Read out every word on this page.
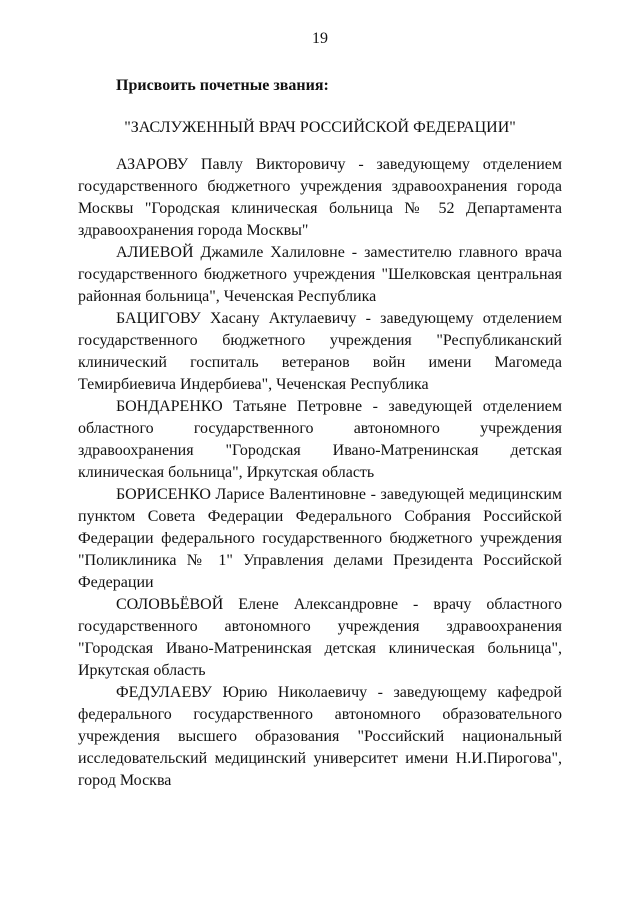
19
Присвоить почетные звания:
"ЗАСЛУЖЕННЫЙ ВРАЧ РОССИЙСКОЙ ФЕДЕРАЦИИ"
АЗАРОВУ Павлу Викторовичу - заведующему отделением
государственного бюджетного учреждения здравоохранения города
Москвы "Городская клиническая больница № 52 Департамента
здравоохранения города Москвы"
АЛИЕВОЙ Джамиле Халиловне - заместителю главного врача
государственного бюджетного учреждения "Шелковская центральная
районная больница", Чеченская Республика
БАЦИГОВУ Хасану Актулаевичу - заведующему отделением
государственного бюджетного учреждения "Республиканский
клинический госпиталь ветеранов войн имени Магомеда
Темирбиевича Индербиева", Чеченская Республика
БОНДАРЕНКО Татьяне Петровне - заведующей отделением
областного государственного автономного учреждения
здравоохранения "Городская Ивано-Матренинская детская
клиническая больница", Иркутская область
БОРИСЕНКО Ларисе Валентиновне - заведующей медицинским
пунктом Совета Федерации Федерального Собрания Российской
Федерации федерального государственного бюджетного учреждения
"Поликлиника № 1" Управления делами Президента Российской
Федерации
СОЛОВЬЁВОЙ Елене Александровне - врачу областного
государственного автономного учреждения здравоохранения
"Городская Ивано-Матренинская детская клиническая больница",
Иркутская область
ФЕДУЛАЕВУ Юрию Николаевичу - заведующему кафедрой
федерального государственного автономного образовательного
учреждения высшего образования "Российский национальный
исследовательский медицинский университет имени Н.И.Пирогова",
город Москва
